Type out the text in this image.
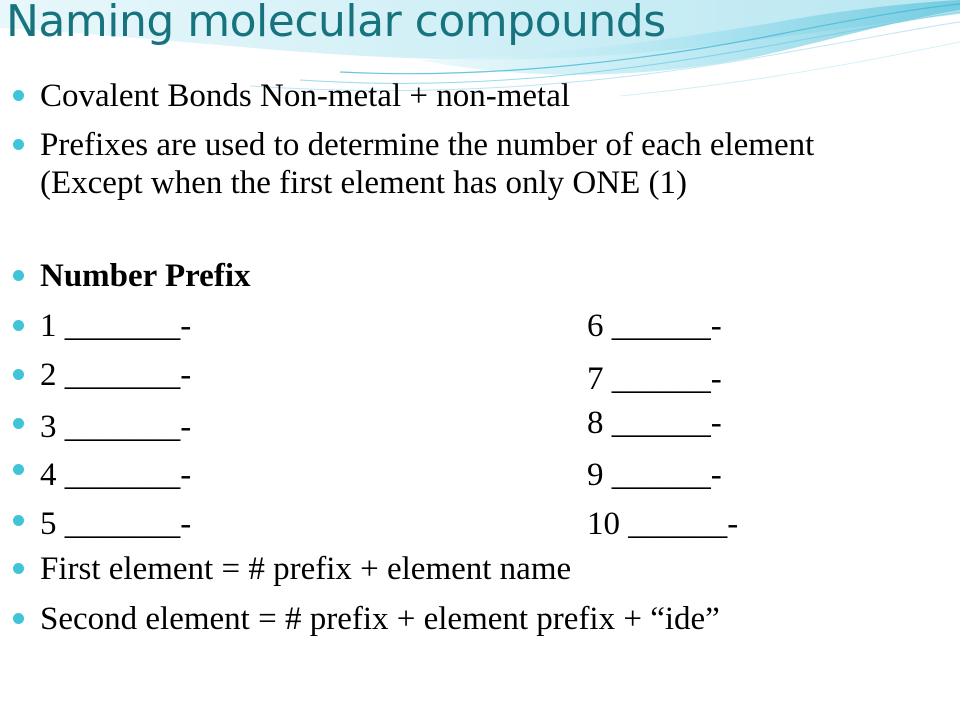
Naming molecular compounds
Covalent Bonds Non-metal + non-metal
Prefixes are used to determine the number of each element (Except when the first element has only ONE (1)
Number Prefix
1 _______-	6 ______-
2 _______-	7 ______-
3 _______-	8 ______-
4 _______-	9 ______-
5 _______-	10 ______-
First element = # prefix + element name
Second element = # prefix + element prefix + “ide”
